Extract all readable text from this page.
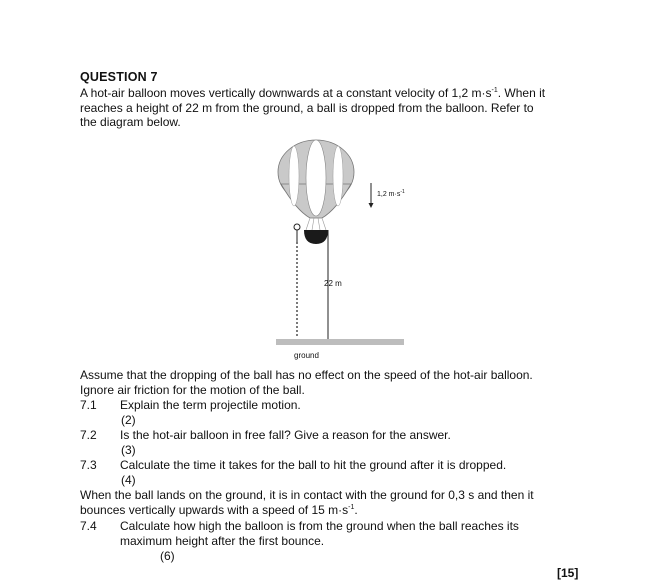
QUESTION 7
A hot-air balloon moves vertically downwards at a constant velocity of 1,2 $m\cdot s^{-1}$. When it
reaches a height of 22 m from the ground, a ball is dropped from the balloon. Refer to
the diagram below.
22 m
1,2 $m\cdot s^{-1}$
ground
Assume that the dropping of the ball has no effect on the speed of the hot-air balloon.
Ignore air friction for the motion of the ball.
7.1 Explain the term projectile motion.
(2)
7.2 Is the hot-air balloon in free fall? Give a reason for the answer.
(3)
7.3 Calculate the time it takes for the ball to hit the ground after it is dropped.
(4)
When the ball lands on the ground, it is in contact with the ground for 0,3 s and then it
bounces vertically upwards with a speed of 15 $m\cdot s^{-1}$.
7.4 Calculate how high the balloon is from the ground when the ball reaches its
maximum height after the first bounce.
(6)
[15]
